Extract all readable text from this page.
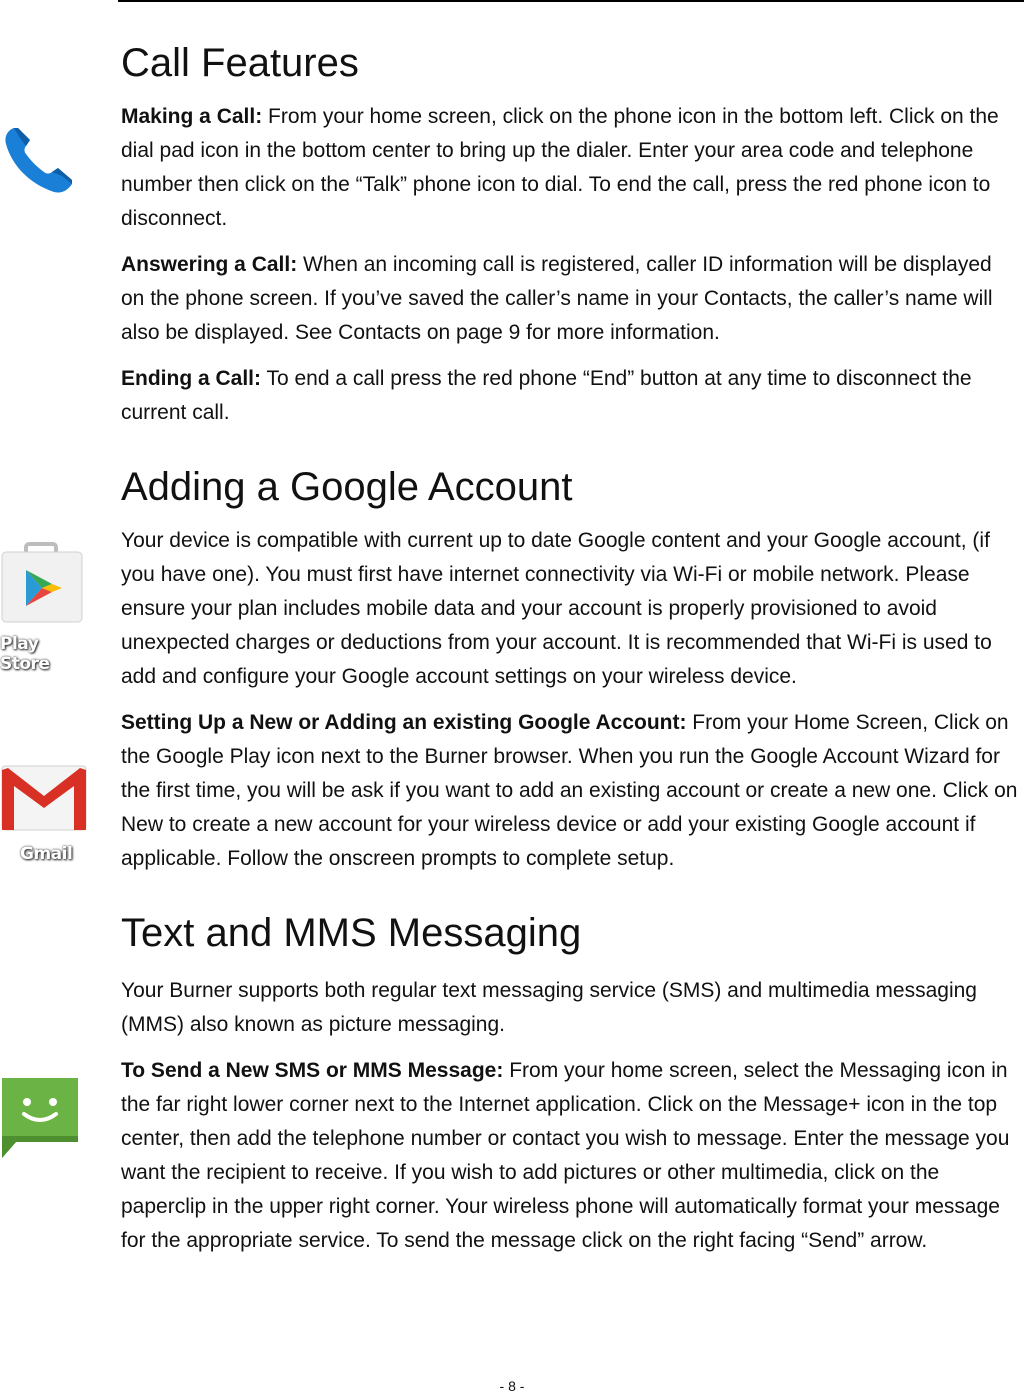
Play Store
Gmail
Call Features

Making a Call: From your home screen, click on the phone icon in the bottom left. Click on the dial pad icon in the bottom center to bring up the dialer. Enter your area code and telephone number then click on the “Talk” phone icon to dial. To end the call, press the red phone icon to disconnect.

Answering a Call: When an incoming call is registered, caller ID information will be displayed on the phone screen. If you’ve saved the caller’s name in your Contacts, the caller’s name will also be displayed. See Contacts on page 9 for more information.

Ending a Call: To end a call press the red phone “End” button at any time to disconnect the current call.

Adding a Google Account

Your device is compatible with current up to date Google content and your Google account, (if you have one). You must first have internet connectivity via Wi-Fi or mobile network. Please ensure your plan includes mobile data and your account is properly provisioned to avoid unexpected charges or deductions from your account. It is recommended that Wi-Fi is used to add and configure your Google account settings on your wireless device.

Setting Up a New or Adding an existing Google Account: From your Home Screen, Click on the Google Play icon next to the Burner browser. When you run the Google Account Wizard for the first time, you will be ask if you want to add an existing account or create a new one. Click on New to create a new account for your wireless device or add your existing Google account if applicable. Follow the onscreen prompts to complete setup.

Text and MMS Messaging

Your Burner supports both regular text messaging service (SMS) and multimedia messaging (MMS) also known as picture messaging.

To Send a New SMS or MMS Message: From your home screen, select the Messaging icon in the far right lower corner next to the Internet application. Click on the Message+ icon in the top center, then add the telephone number or contact you wish to message. Enter the message you want the recipient to receive. If you wish to add pictures or other multimedia, click on the paperclip in the upper right corner. Your wireless phone will automatically format your message for the appropriate service. To send the message click on the right facing “Send” arrow.

- 8 -
